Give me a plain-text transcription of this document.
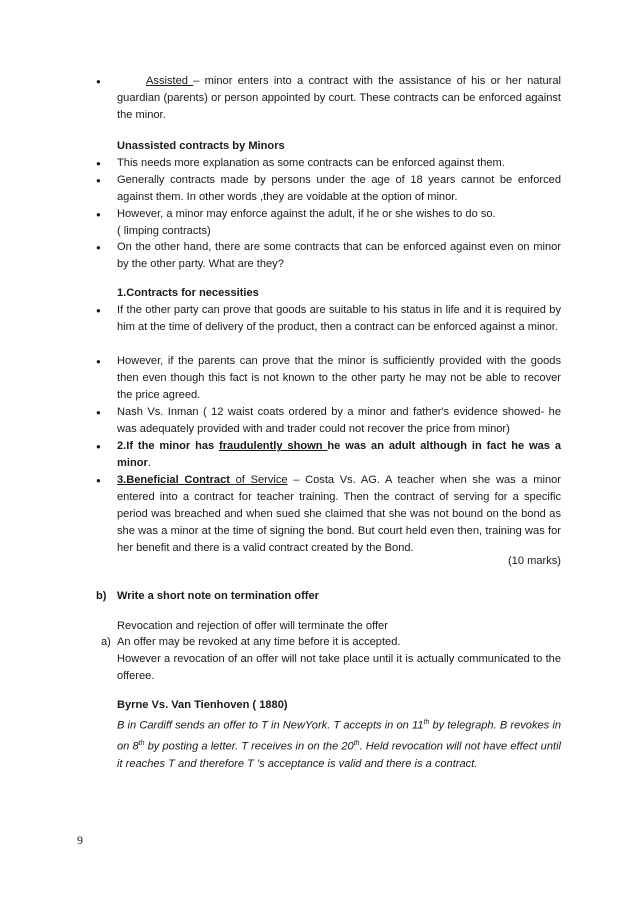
●	Assisted – minor enters into a contract with the assistance of his or her natural guardian (parents) or person appointed by court. These contracts can be enforced against the minor.

Unassisted contracts by Minors

● This needs more explanation as some contracts can be enforced against them.

● Generally contracts made by persons under the age of 18 years cannot be enforced against them. In other words ,they are voidable at the option of minor.

● However, a minor may enforce against the adult, if he or she wishes to do so.

( limping contracts)

● On the other hand, there are some contracts that can be enforced against even on minor by the other party. What are they?

1.Contracts for necessities

● If the other party can prove that goods are suitable to his status in life and it is required by him at the time of delivery of the product, then a contract can be enforced against a minor.

● However, if the parents can prove that the minor is sufficiently provided with the goods then even though this fact is not known to the other party he may not be able to recover the price agreed.

● Nash Vs. Inman ( 12 waist coats ordered by a minor and father's evidence showed- he was adequately provided with and trader could not recover the price from minor)

● 2.If the minor has fraudulently shown he was an adult although in fact he was a minor.

● 3.Beneficial Contract of Service – Costa Vs. AG. A teacher when she was a minor entered into a contract for teacher training. Then the contract of serving for a specific period was breached and when sued she claimed that she was not bound on the bond as she was a minor at the time of signing the bond. But court held even then, training was for her benefit and there is a valid contract created by the Bond.

(10 marks)

b) Write a short note on termination offer

Revocation and rejection of offer will terminate the offer

a) An offer may be revoked at any time before it is accepted.

However a revocation of an offer will not take place until it is actually communicated to the offeree.

Byrne Vs. Van Tienhoven ( 1880)

B in Cardiff sends an offer to T in NewYork. T accepts in on 11th by telegraph. B revokes in on 8th by posting a letter. T receives in on the 20th. Held revocation will not have effect until it reaches T and therefore T 's acceptance is valid and there is a contract.

9
